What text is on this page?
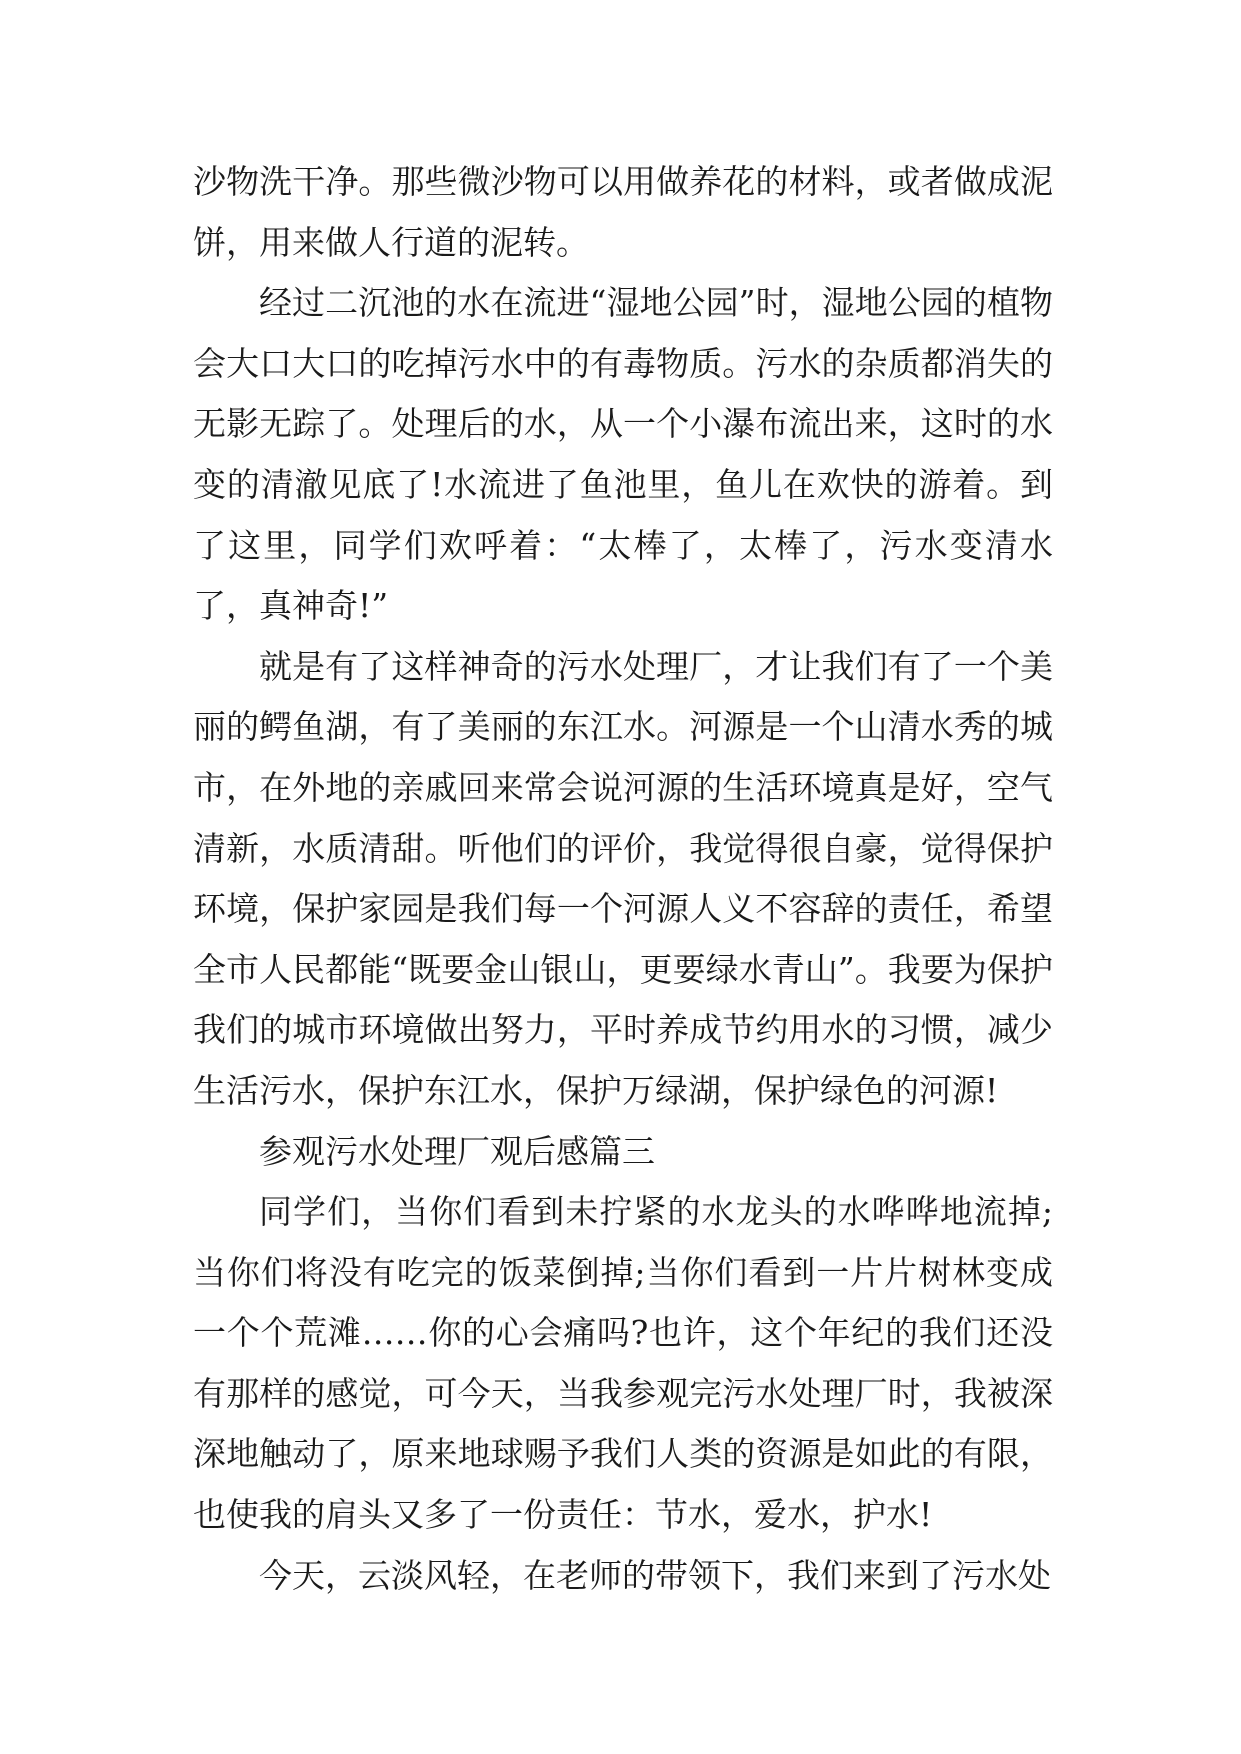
沙物洗干净。那些微沙物可以用做养花的材料，或者做成泥饼，用来做人行道的泥转。

经过二沉池的水在流进“湿地公园”时，湿地公园的植物会大口大口的吃掉污水中的有毒物质。污水的杂质都消失的无影无踪了。处理后的水，从一个小瀑布流出来，这时的水变的清澈见底了!水流进了鱼池里，鱼儿在欢快的游着。到了这里，同学们欢呼着：“太棒了，太棒了，污水变清水了，真神奇!”

就是有了这样神奇的污水处理厂，才让我们有了一个美丽的鳄鱼湖，有了美丽的东江水。河源是一个山清水秀的城市，在外地的亲戚回来常会说河源的生活环境真是好，空气清新，水质清甜。听他们的评价，我觉得很自豪，觉得保护环境，保护家园是我们每一个河源人义不容辞的责任，希望全市人民都能“既要金山银山，更要绿水青山”。我要为保护我们的城市环境做出努力，平时养成节约用水的习惯，减少生活污水，保护东江水，保护万绿湖，保护绿色的河源!

参观污水处理厂观后感篇三

同学们，当你们看到未拧紧的水龙头的水哗哗地流掉;当你们将没有吃完的饭菜倒掉;当你们看到一片片树林变成一个个荒滩……你的心会痛吗?也许，这个年纪的我们还没有那样的感觉，可今天，当我参观完污水处理厂时，我被深深地触动了，原来地球赐予我们人类的资源是如此的有限，也使我的肩头又多了一份责任：节水，爱水，护水!

今天，云淡风轻，在老师的带领下，我们来到了污水处
